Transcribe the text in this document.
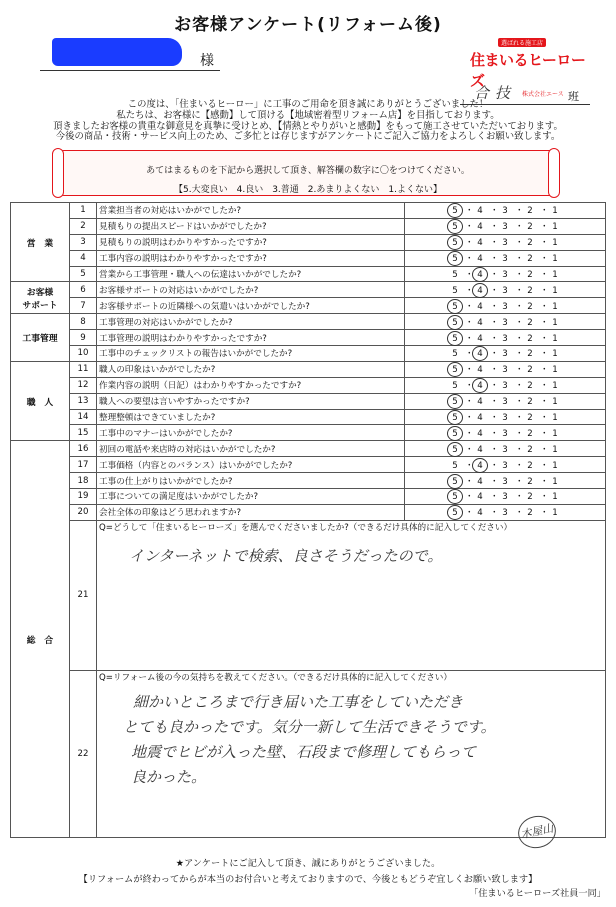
お客様アンケート(リフォーム後)
様
選ばれる施工店
住まいるヒーローズ
株式会社エース
合技	班
この度は、「住まいるヒーロー」に工事のご用命を頂き誠にありがとうございました！
私たちは、お客様に【感動】して頂ける【地域密着型リフォーム店】を目指しております。
頂きましたお客様の貴重な御意見を真摯に受けとめ、【情熱とやりがいと感動】をもって施工させていただいております。
今後の商品・技術・サービス向上のため、ご多忙とは存じますがアンケートにご記入ご協力をよろしくお願い致します。
あてはまるものを下記から選択して頂き、解答欄の数字に〇をつけてください。
【5.大変良い　4.良い　3.普通　2.あまりよくない　1.よくない】
営　業	1	営業担当者の対応はいかがでしたか?	5 ・ 4 ・ 3 ・ 2 ・ 1
	2	見積もりの提出スピードはいかがでしたか?	5 ・ 4 ・ 3 ・ 2 ・ 1
	3	見積もりの説明はわかりやすかったですか?	5 ・ 4 ・ 3 ・ 2 ・ 1
	4	工事内容の説明はわかりやすかったですか?	5 ・ 4 ・ 3 ・ 2 ・ 1
	5	営業から工事管理・職人への伝達はいかがでしたか?	5 ・ 4 ・ 3 ・ 2 ・ 1
お客様
サポート	6	お客様サポートの対応はいかがでしたか?	5 ・ 4 ・ 3 ・ 2 ・ 1
	7	お客様サポートの近隣様への気遣いはいかがでしたか?	5 ・ 4 ・ 3 ・ 2 ・ 1
工事管理	8	工事管理の対応はいかがでしたか?	5 ・ 4 ・ 3 ・ 2 ・ 1
	9	工事管理の説明はわかりやすかったですか?	5 ・ 4 ・ 3 ・ 2 ・ 1
	10	工事中のチェックリストの報告はいかがでしたか?	5 ・ 4 ・ 3 ・ 2 ・ 1
職　人	11	職人の印象はいかがでしたか?	5 ・ 4 ・ 3 ・ 2 ・ 1
	12	作業内容の説明（日記）はわかりやすかったですか?	5 ・ 4 ・ 3 ・ 2 ・ 1
	13	職人への要望は言いやすかったですか?	5 ・ 4 ・ 3 ・ 2 ・ 1
	14	整理整頓はできていましたか?	5 ・ 4 ・ 3 ・ 2 ・ 1
	15	工事中のマナーはいかがでしたか?	5 ・ 4 ・ 3 ・ 2 ・ 1
総　合	16	初回の電話や来店時の対応はいかがでしたか?	5 ・ 4 ・ 3 ・ 2 ・ 1
	17	工事価格（内容とのバランス）はいかがでしたか?	5 ・ 4 ・ 3 ・ 2 ・ 1
	18	工事の仕上がりはいかがでしたか?	5 ・ 4 ・ 3 ・ 2 ・ 1
	19	工事についての満足度はいかがでしたか?	5 ・ 4 ・ 3 ・ 2 ・ 1
	20	会社全体の印象はどう思われますか?	5 ・ 4 ・ 3 ・ 2 ・ 1
	21	Q=どうして「住まいるヒーローズ」を選んでくださいましたか?（できるだけ具体的に記入してください）
インターネットで検索、良さそうだったので。	

	22	Q=リフォーム後の今の気持ちを教えてください。（できるだけ具体的に記入してください）
細かいところまで行き届いた工事をしていただき
とても良かったです。気分一新して生活できそうです。
地震でヒビが入った壁、石段まで修理してもらって
良かった。	
木屋山
★アンケートにご記入して頂き、誠にありがとうございました。
【リフォームが終わってからが本当のお付合いと考えておりますので、今後ともどうぞ宜しくお願い致します】
「住まいるヒーローズ社員一同」
